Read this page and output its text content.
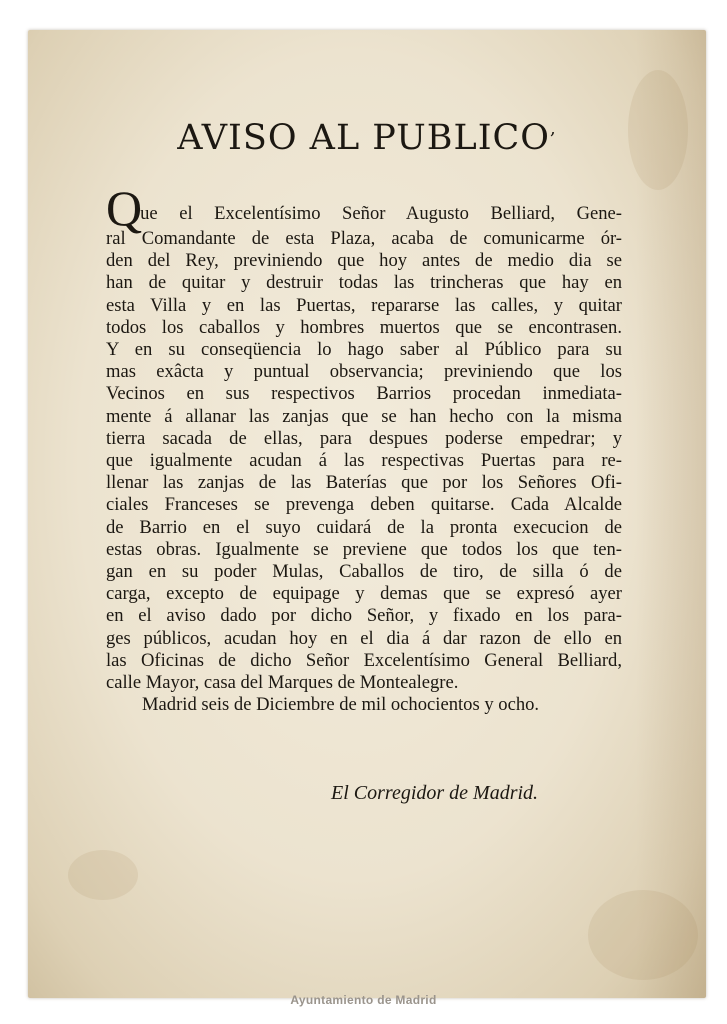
AVISO AL PUBLICO,
Que el Excelentísimo Señor Augusto Belliard, Gene-
ral Comandante de esta Plaza, acaba de comunicarme ór-
den del Rey, previniendo que hoy antes de medio dia se
han de quitar y destruir todas las trincheras que hay en
esta Villa y en las Puertas, repararse las calles, y quitar
todos los caballos y hombres muertos que se encontrasen.
Y en su conseqüencia lo hago saber al Público para su
mas exâcta y puntual observancia; previniendo que los
Vecinos en sus respectivos Barrios procedan inmediata-
mente á allanar las zanjas que se han hecho con la misma
tierra sacada de ellas, para despues poderse empedrar; y
que igualmente acudan á las respectivas Puertas para re-
llenar las zanjas de las Baterías que por los Señores Ofi-
ciales Franceses se prevenga deben quitarse. Cada Alcalde
de Barrio en el suyo cuidará de la pronta execucion de
estas obras. Igualmente se previene que todos los que ten-
gan en su poder Mulas, Caballos de tiro, de silla ó de
carga, excepto de equipage y demas que se expresó ayer
en el aviso dado por dicho Señor, y fixado en los para-
ges públicos, acudan hoy en el dia á dar razon de ello en
las Oficinas de dicho Señor Excelentísimo General Belliard,
calle Mayor, casa del Marques de Montealegre.
Madrid seis de Diciembre de mil ochocientos y ocho.
El Corregidor de Madrid.
Ayuntamiento de Madrid
